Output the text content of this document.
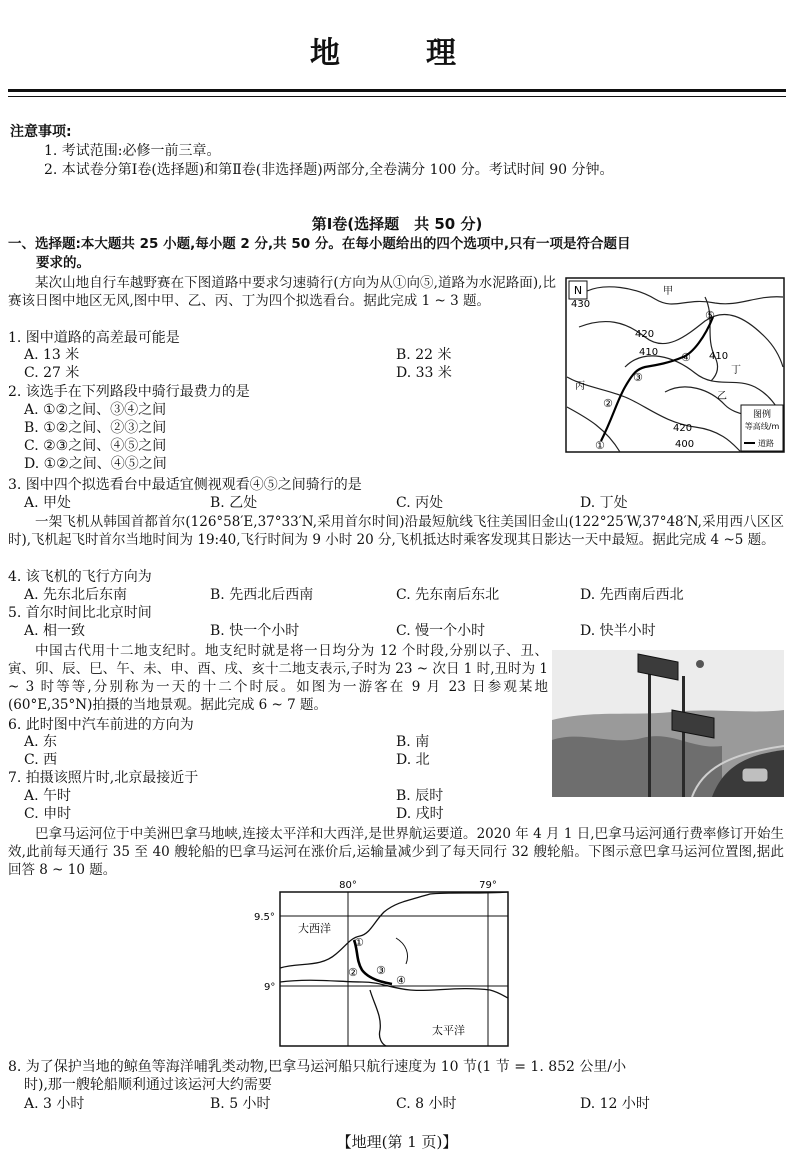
地　理
注意事项:
1. 考试范围:必修一前三章。
2. 本试卷分第Ⅰ卷(选择题)和第Ⅱ卷(非选择题)两部分,全卷满分 100 分。考试时间 90 分钟。
第Ⅰ卷(选择题　共 50 分)
一、选择题:本大题共 25 小题,每小题 2 分,共 50 分。在每小题给出的四个选项中,只有一项是符合题目
要求的。
某次山地自行车越野赛在下图道路中要求匀速骑行(方向为从①向⑤,道路为水泥路面),比赛该日图中地区无风,图中甲、乙、丙、丁为四个拟选看台。据此完成 1 ~ 3 题。
N	甲
乙
丙
丁
430
420
410	410
420
400
①
②
③
④
⑤
图例
等高线/m
道路
1. 图中道路的高差最可能是
A. 13 米	B. 22 米
C. 27 米	D. 33 米
2. 该选手在下列路段中骑行最费力的是
A. ①②之间、③④之间
B. ①②之间、②③之间
C. ②③之间、④⑤之间
D. ①②之间、④⑤之间
3. 图中四个拟选看台中最适宜侧视观看④⑤之间骑行的是
A. 甲处	B. 乙处	C. 丙处	D. 丁处
一架飞机从韩国首都首尔(126°58′E,37°33′N,采用首尔时间)沿最短航线飞往美国旧金山(122°25′W,37°48′N,采用西八区区时),飞机起飞时首尔当地时间为 19:40,飞行时间为 9 小时 20 分,飞机抵达时乘客发现其日影达一天中最短。据此完成 4 ~5 题。
4. 该飞机的飞行方向为
A. 先东北后东南	B. 先西北后西南	C. 先东南后东北	D. 先西南后西北
5. 首尔时间比北京时间
A. 相一致	B. 快一个小时	C. 慢一个小时	D. 快半小时
中国古代用十二地支纪时。地支纪时就是将一日均分为 12 个时段,分别以子、丑、寅、卯、辰、巳、午、未、申、酉、戌、亥十二地支表示,子时为 23 ~ 次日 1 时,丑时为 1 ~ 3 时等等,分别称为一天的十二个时辰。如图为一游客在 9 月 23 日参观某地(60°E,35°N)拍摄的当地景观。据此完成 6 ~ 7 题。
6. 此时图中汽车前进的方向为
A. 东	B. 南
C. 西	D. 北
7. 拍摄该照片时,北京最接近于
A. 午时	B. 辰时
C. 申时	D. 戌时
巴拿马运河位于中美洲巴拿马地峡,连接太平洋和大西洋,是世界航运要道。2020 年 4 月 1 日,巴拿马运河通行费率修订开始生效,此前每天通行 35 至 40 艘轮船的巴拿马运河在涨价后,运输量减少到了每天同行 32 艘轮船。下图示意巴拿马运河位置图,据此回答 8 ~ 10 题。
80°	79°
9.5°
9°
大西洋
太平洋
①
② ③
④
8. 为了保护当地的鲸鱼等海洋哺乳类动物,巴拿马运河船只航行速度为 10 节(1 节 = 1. 852 公里/小
时),那一艘轮船顺利通过该运河大约需要
A. 3 小时	B. 5 小时	C. 8 小时	D. 12 小时
【地理(第 1 页)】
